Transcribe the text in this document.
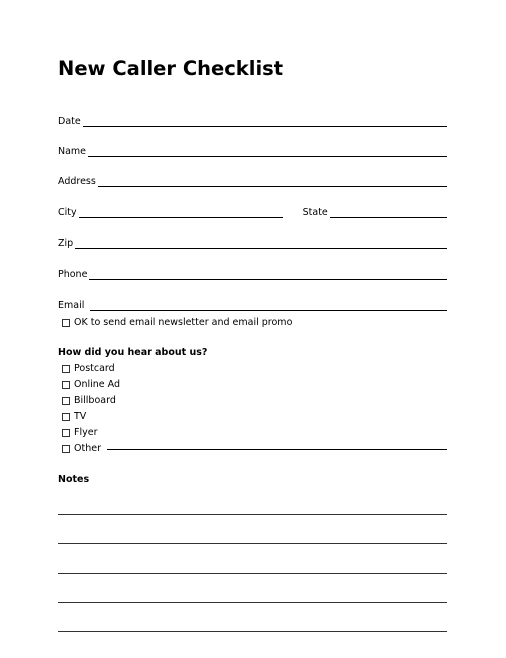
New Caller Checklist
Date
Name
Address
City	State
Zip
Phone
Email
OK to send email newsletter and email promo
How did you hear about us?
Postcard
Online Ad
Billboard
TV
Flyer
Other
Notes
